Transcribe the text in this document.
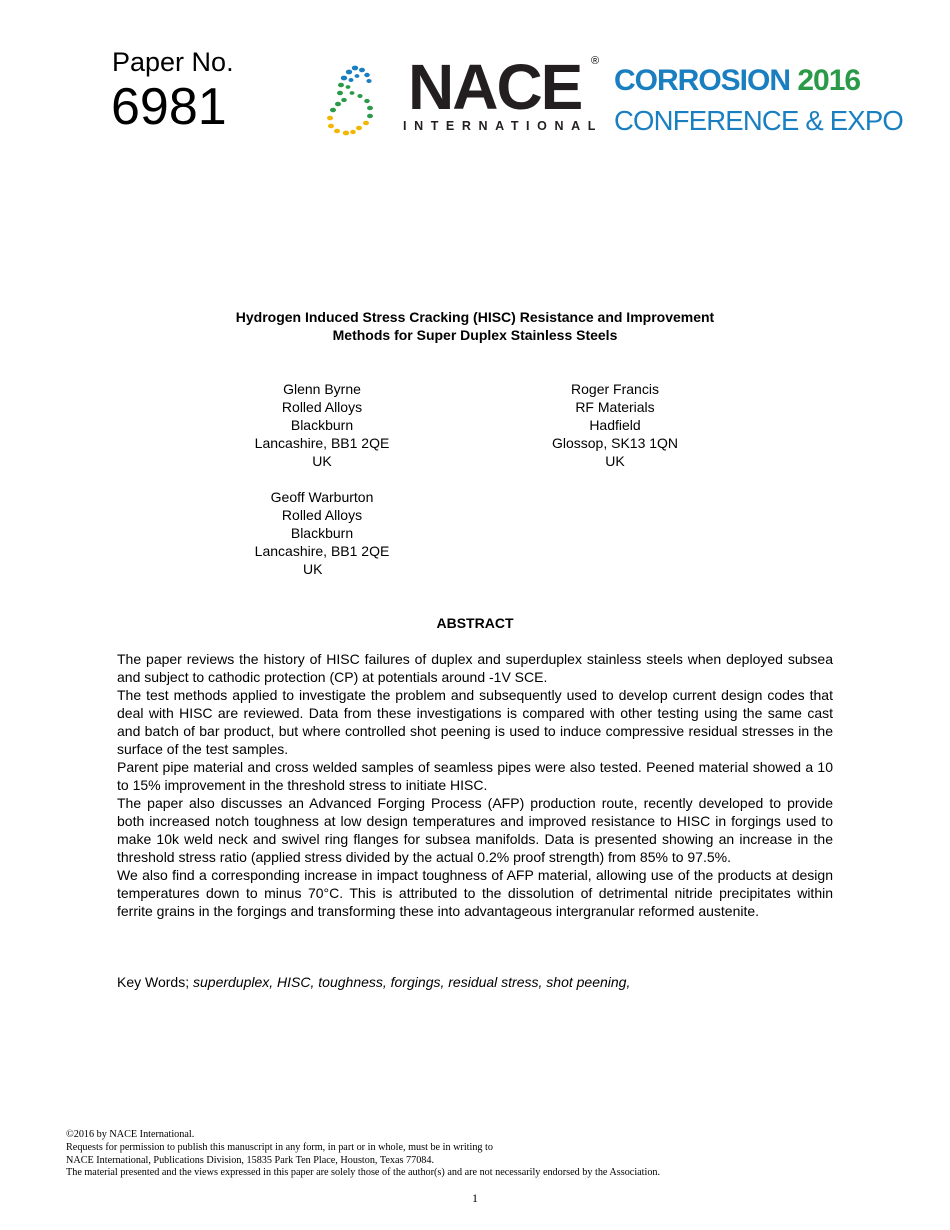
Paper No.
6981	NACE ®
INTERNATIONAL
CORROSION 2016
CONFERENCE & EXPO
Hydrogen Induced Stress Cracking (HISC) Resistance and Improvement
Methods for Super Duplex Stainless Steels
Glenn Byrne
Rolled Alloys
Blackburn
Lancashire, BB1 2QE
UK
Roger Francis
RF Materials
Hadfield
Glossop, SK13 1QN
UK
Geoff Warburton
Rolled Alloys
Blackburn
Lancashire, BB1 2QE
UK
ABSTRACT

The paper reviews the history of HISC failures of duplex and superduplex stainless steels when deployed subsea and subject to cathodic protection (CP) at potentials around -1V SCE.

The test methods applied to investigate the problem and subsequently used to develop current design codes that deal with HISC are reviewed. Data from these investigations is compared with other testing using the same cast and batch of bar product, but where controlled shot peening is used to induce compressive residual stresses in the surface of the test samples.

Parent pipe material and cross welded samples of seamless pipes were also tested. Peened material showed a 10 to 15% improvement in the threshold stress to initiate HISC.

The paper also discusses an Advanced Forging Process (AFP) production route, recently developed to provide both increased notch toughness at low design temperatures and improved resistance to HISC in forgings used to make 10k weld neck and swivel ring flanges for subsea manifolds. Data is presented showing an increase in the threshold stress ratio (applied stress divided by the actual 0.2% proof strength) from 85% to 97.5%.

We also find a corresponding increase in impact toughness of AFP material, allowing use of the products at design temperatures down to minus 70°C. This is attributed to the dissolution of detrimental nitride precipitates within ferrite grains in the forgings and transforming these into advantageous intergranular reformed austenite.

Key Words; superduplex, HISC, toughness, forgings, residual stress, shot peening,
©2016 by NACE International.
Requests for permission to publish this manuscript in any form, in part or in whole, must be in writing to
NACE International, Publications Division, 15835 Park Ten Place, Houston, Texas 77084.
The material presented and the views expressed in this paper are solely those of the author(s) and are not necessarily endorsed by the Association.
1
